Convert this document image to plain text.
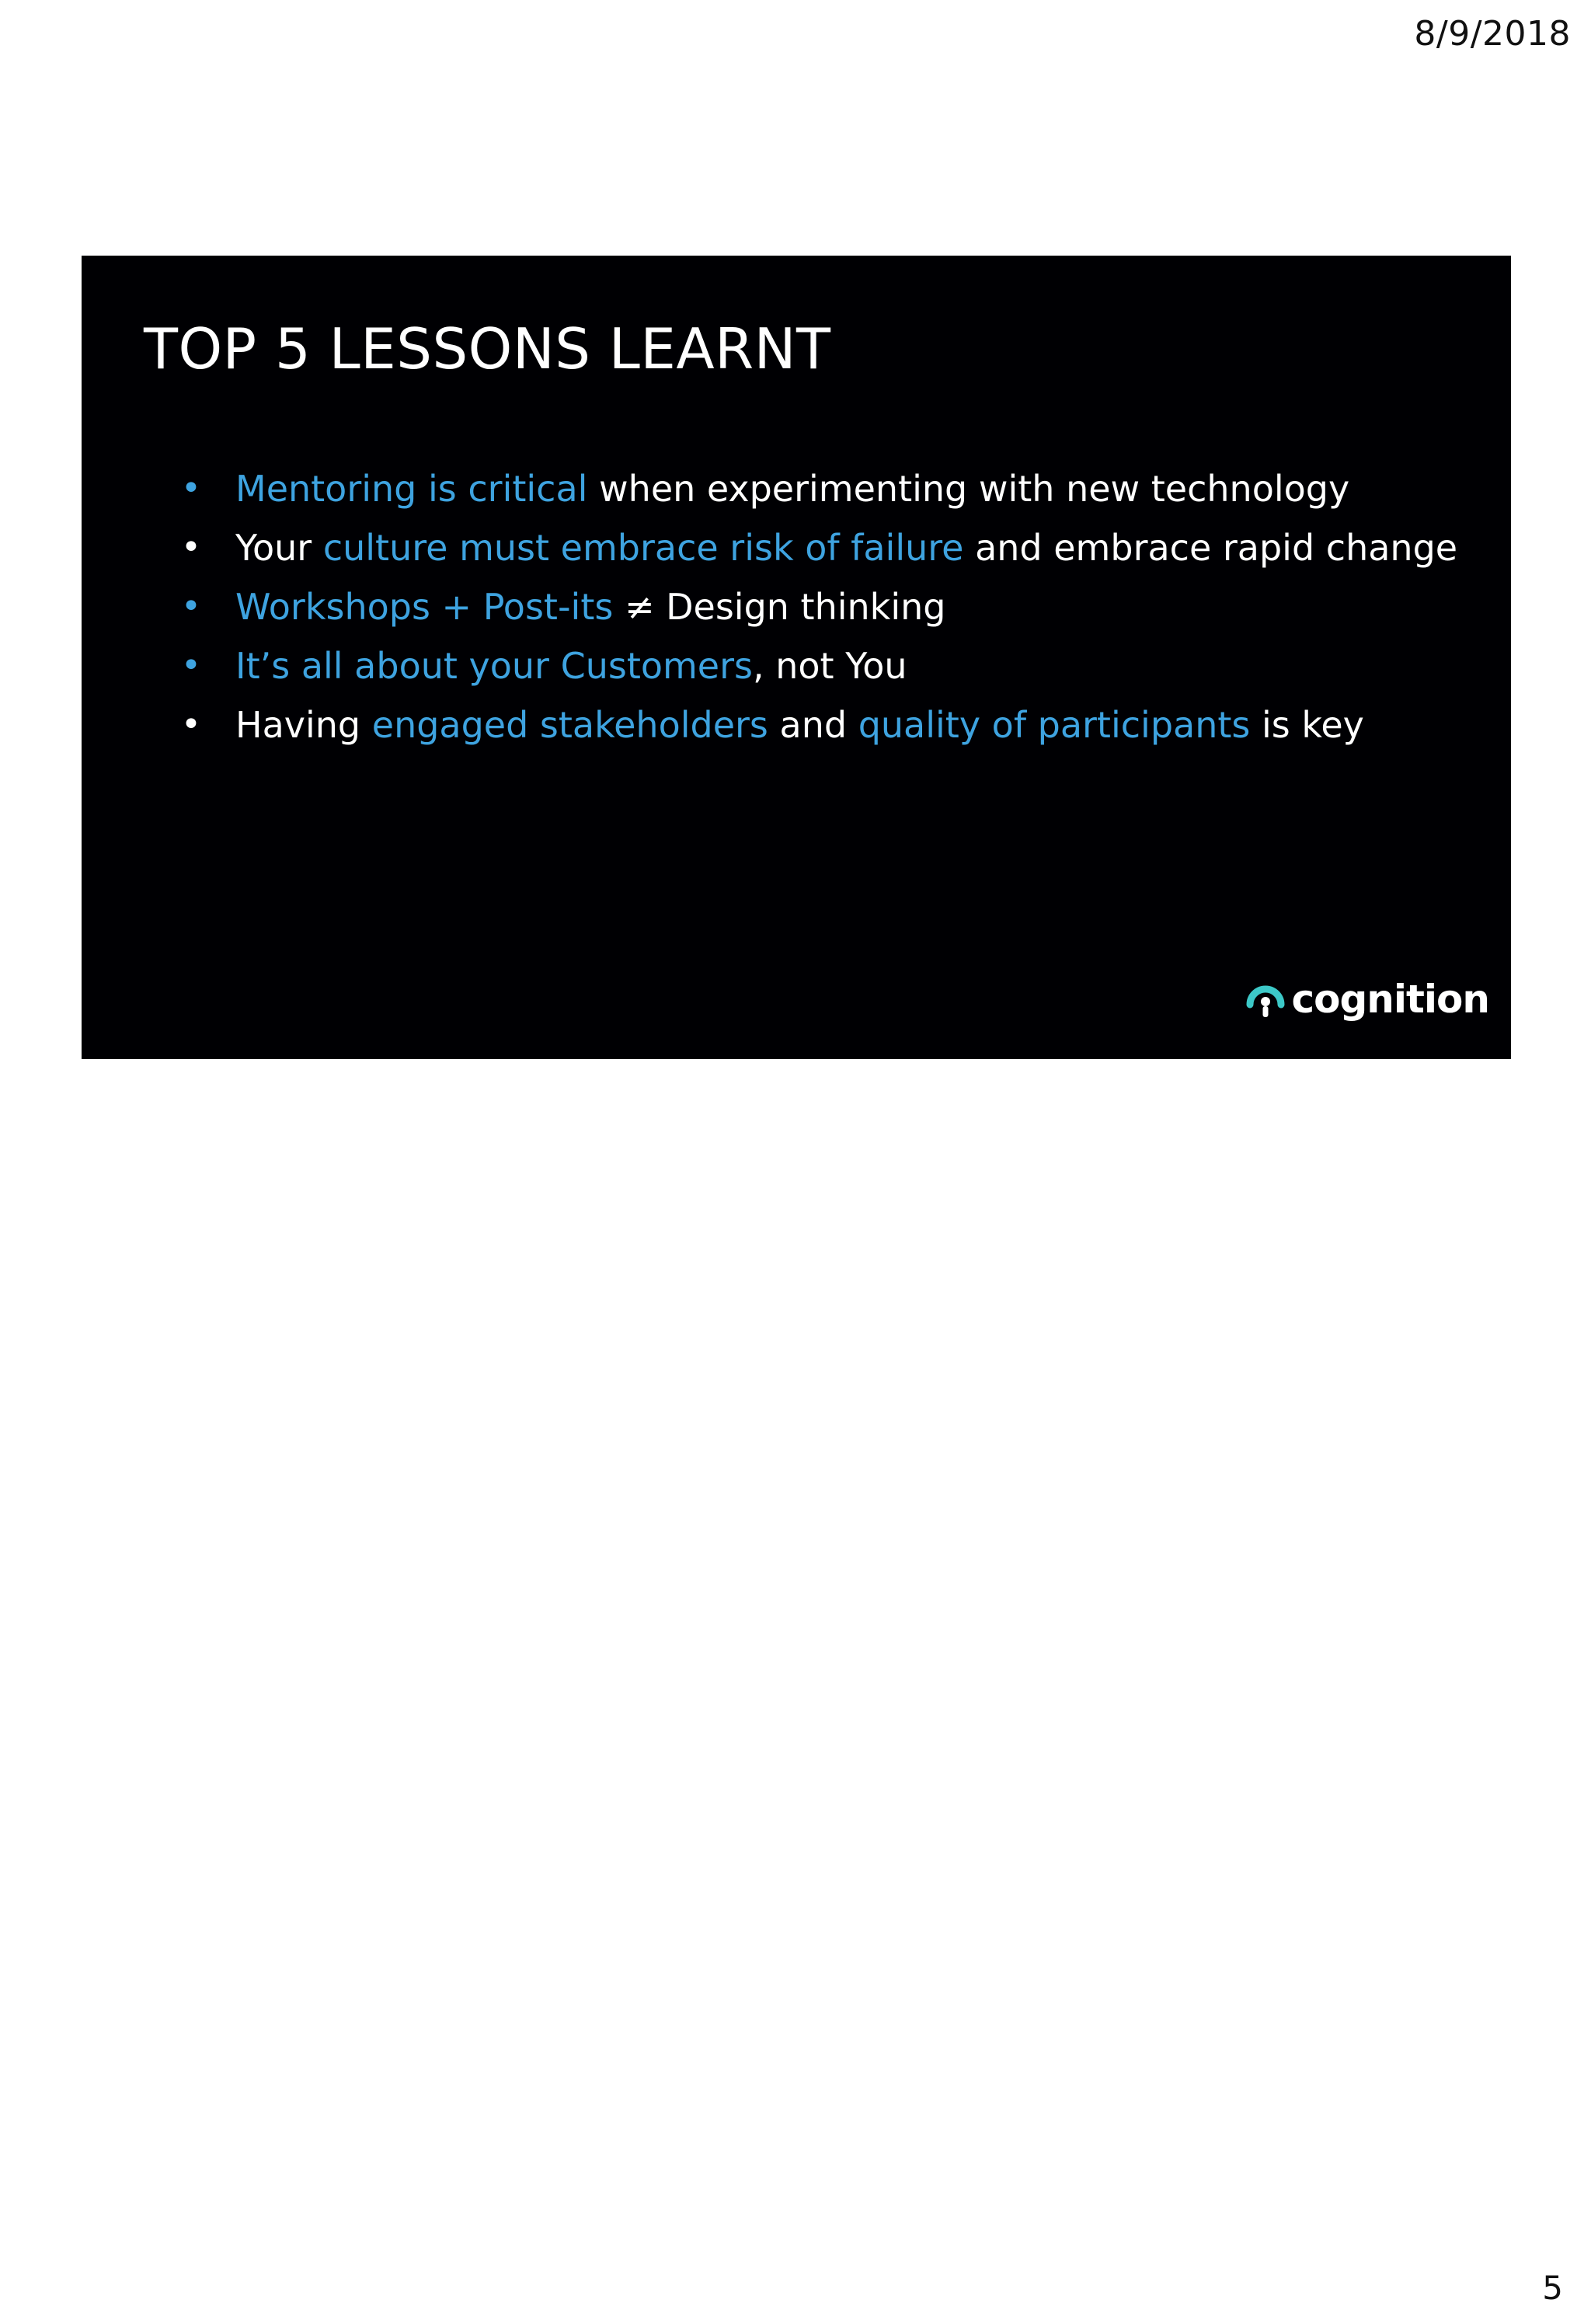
8/9/2018
TOP 5 LESSONS LEARNT
• Mentoring is critical when experimenting with new technology
• Your culture must embrace risk of failure and embrace rapid change
• Workshops + Post-its ≠ Design thinking
• It’s all about your Customers, not You
• Having engaged stakeholders and quality of participants is key
cognition
5
